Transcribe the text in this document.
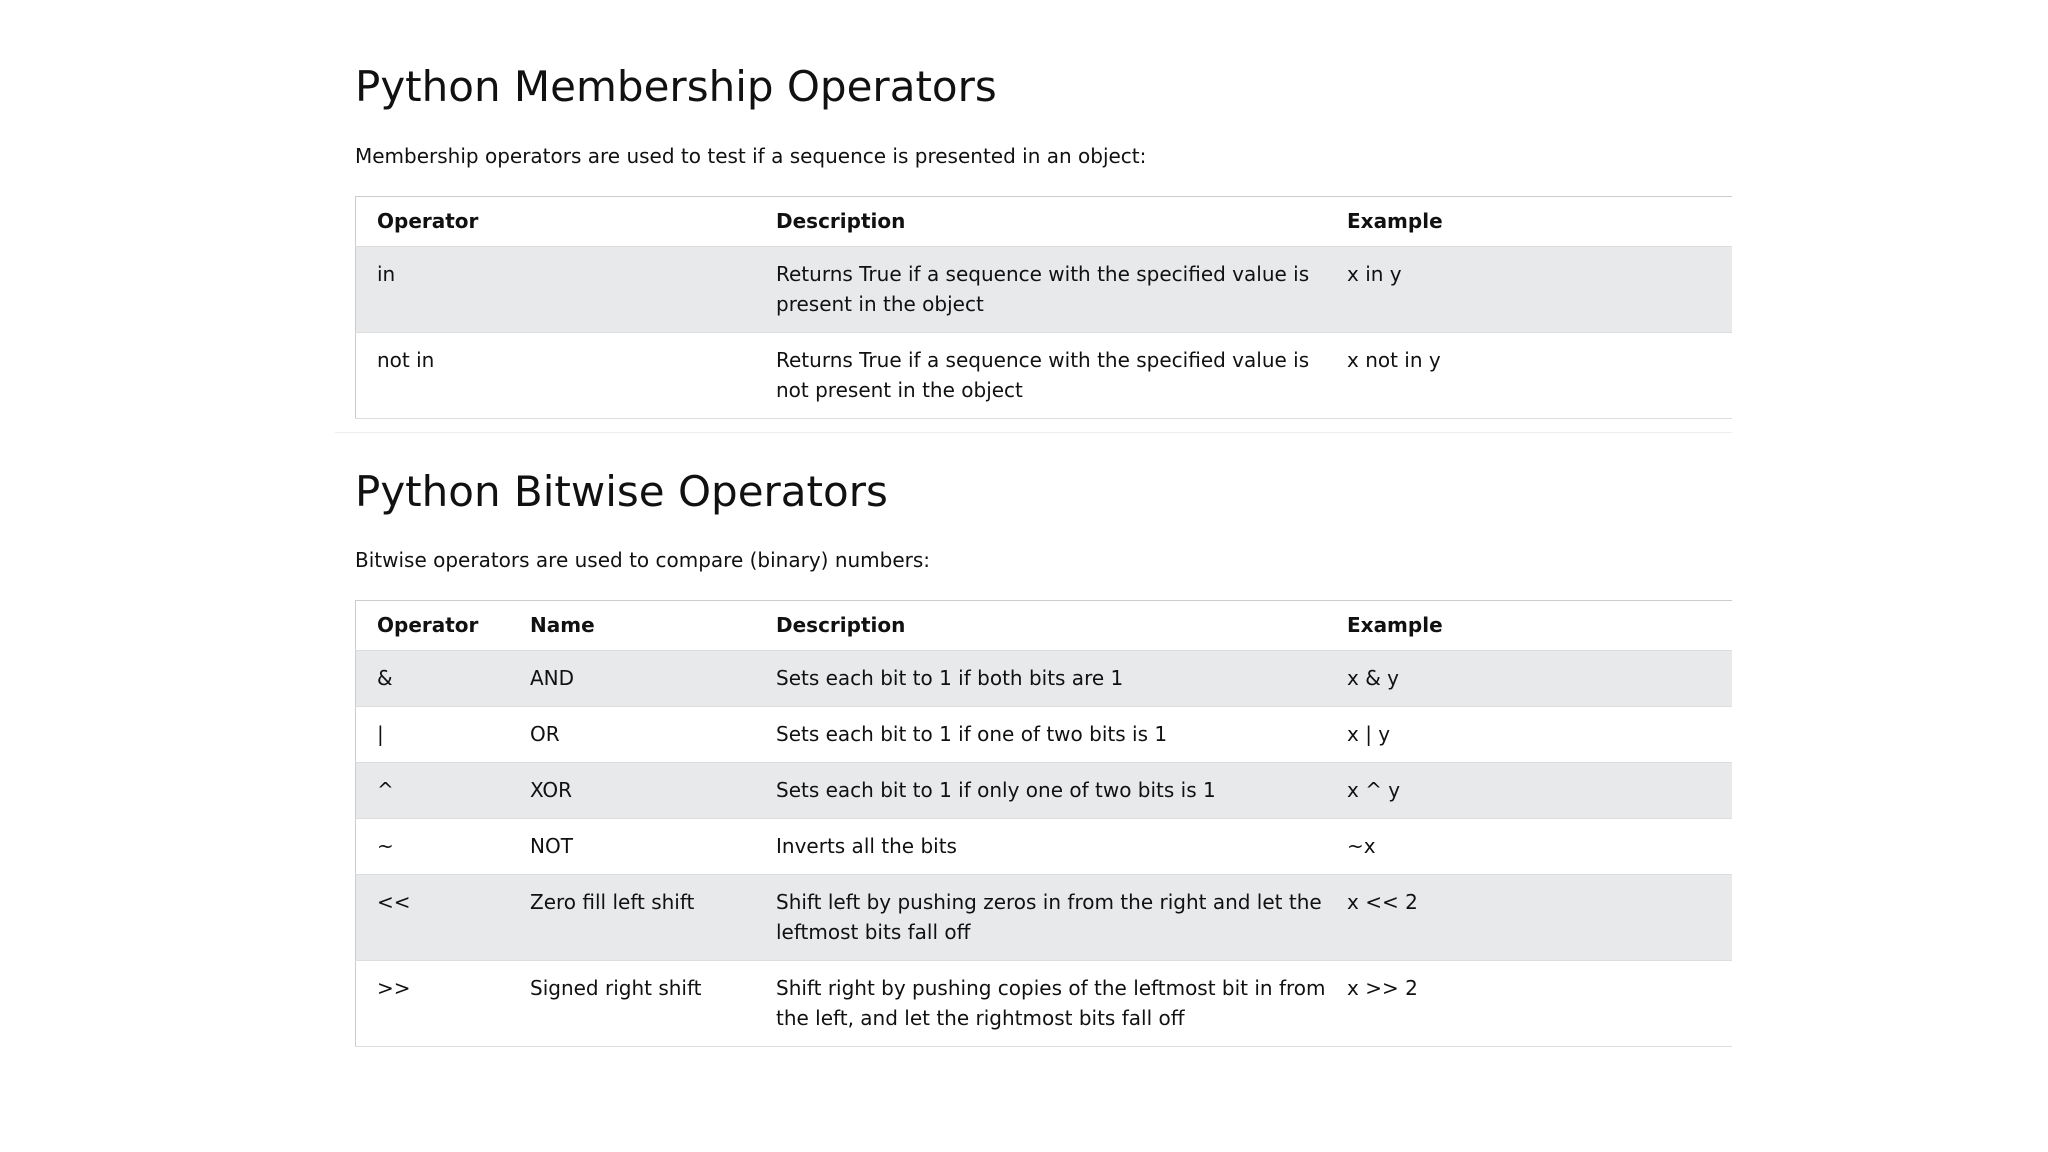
Python Membership Operators

Membership operators are used to test if a sequence is presented in an object:

Operator	Description	Example
in	Returns True if a sequence with the specified value is present in the object	x in y
not in	Returns True if a sequence with the specified value is not present in the object	x not in y
Python Bitwise Operators

Bitwise operators are used to compare (binary) numbers:

Operator	Name	Description	Example
&	AND	Sets each bit to 1 if both bits are 1	x & y
|	OR	Sets each bit to 1 if one of two bits is 1	x | y
^	XOR	Sets each bit to 1 if only one of two bits is 1	x ^ y
~	NOT	Inverts all the bits	~x
<<	Zero fill left shift	Shift left by pushing zeros in from the right and let the leftmost bits fall off	x << 2
>>	Signed right shift	Shift right by pushing copies of the leftmost bit in from the left, and let the rightmost bits fall off	x >> 2
